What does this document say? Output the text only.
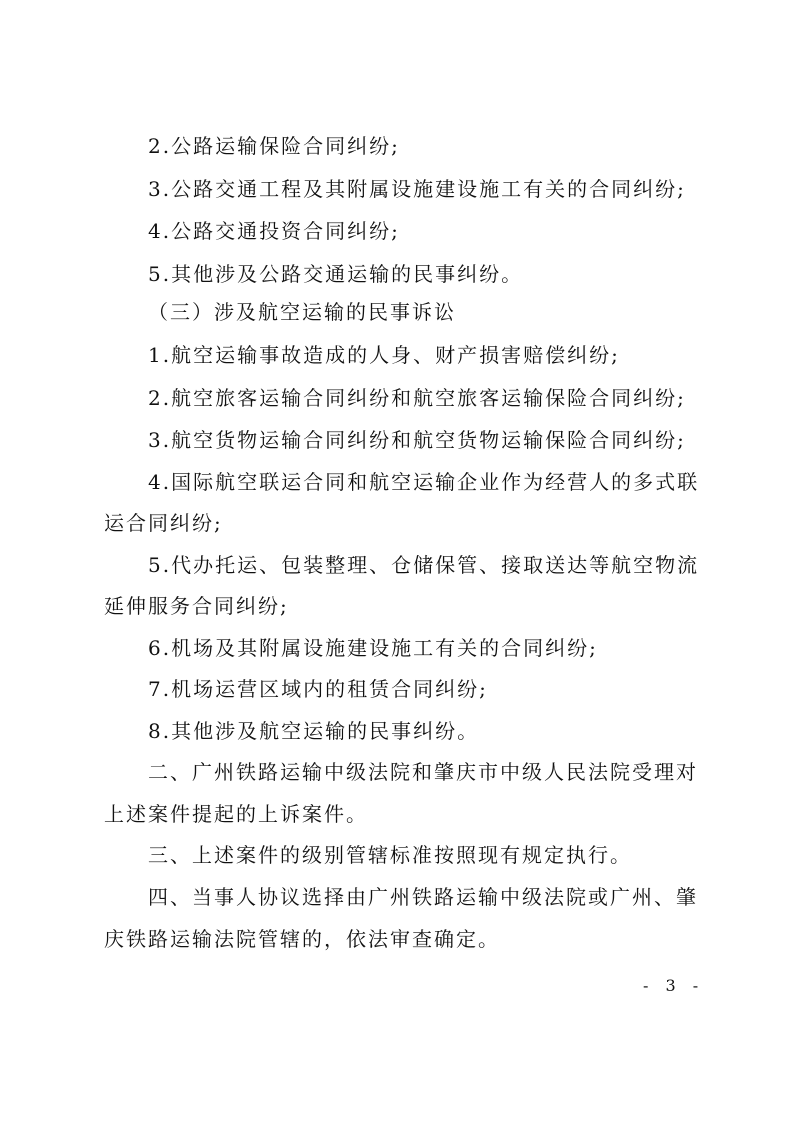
2.公路运输保险合同纠纷;
3.公路交通工程及其附属设施建设施工有关的合同纠纷;
4.公路交通投资合同纠纷;
5.其他涉及公路交通运输的民事纠纷。
（三）涉及航空运输的民事诉讼
1.航空运输事故造成的人身、财产损害赔偿纠纷;
2.航空旅客运输合同纠纷和航空旅客运输保险合同纠纷;
3.航空货物运输合同纠纷和航空货物运输保险合同纠纷;
4.国际航空联运合同和航空运输企业作为经营人的多式联
运合同纠纷;
5.代办托运、包装整理、仓储保管、接取送达等航空物流
延伸服务合同纠纷;
6.机场及其附属设施建设施工有关的合同纠纷;
7.机场运营区域内的租赁合同纠纷;
8.其他涉及航空运输的民事纠纷。
二、广州铁路运输中级法院和肇庆市中级人民法院受理对
上述案件提起的上诉案件。
三、上述案件的级别管辖标准按照现有规定执行。
四、当事人协议选择由广州铁路运输中级法院或广州、肇
庆铁路运输法院管辖的，依法审查确定。
- 3 -
